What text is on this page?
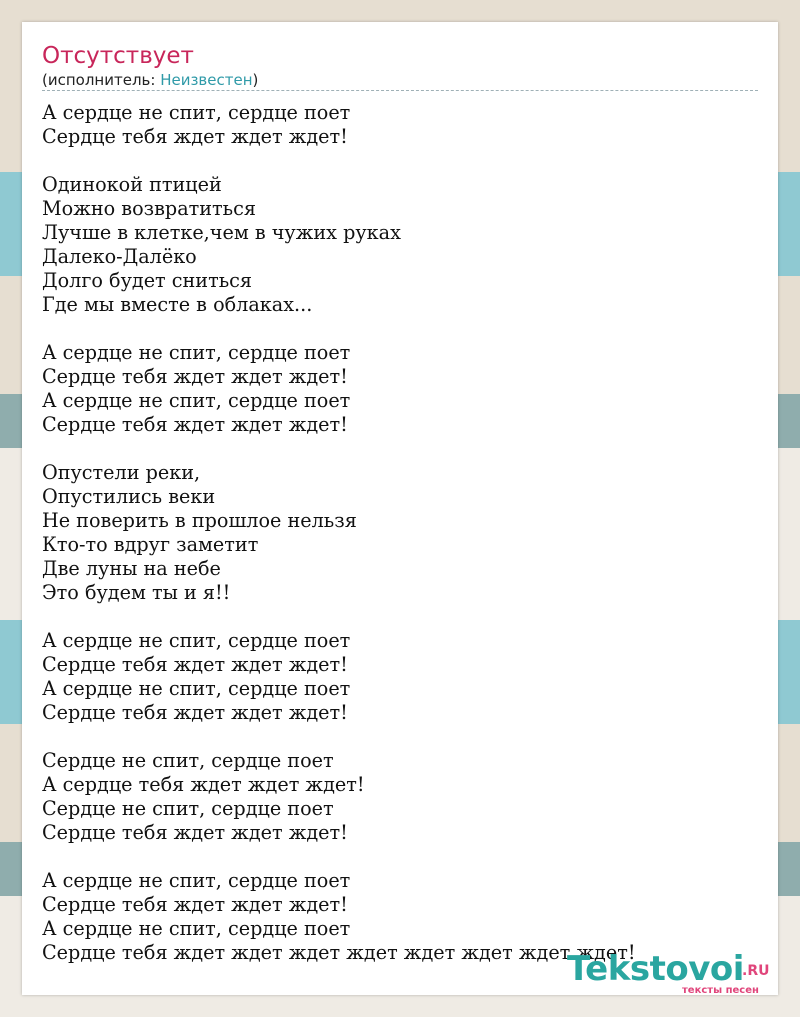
Отсутствует
(исполнитель: Неизвестен)
А сердце не спит, сердце поет
Сердце тебя ждет ждет ждет!
Одинокой птицей
Можно возвратиться
Лучше в клетке,чем в чужих руках
Далеко-Далёко
Долго будет сниться
Где мы вместе в облаках...
А сердце не спит, сердце поет
Сердце тебя ждет ждет ждет!
А сердце не спит, сердце поет
Сердце тебя ждет ждет ждет!
Опустели реки,
Опустились веки
Не поверить в прошлое нельзя
Кто-то вдруг заметит
Две луны на небе
Это будем ты и я!!
А сердце не спит, сердце поет
Сердце тебя ждет ждет ждет!
А сердце не спит, сердце поет
Сердце тебя ждет ждет ждет!
Сердце не спит, сердце поет
А сердце тебя ждет ждет ждет!
Сердце не спит, сердце поет
Сердце тебя ждет ждет ждет!
А сердце не спит, сердце поет
Сердце тебя ждет ждет ждет!
А сердце не спит, сердце поет
Сердце тебя ждет ждет ждет ждет ждет ждет ждет ждет!
Tekstovoi
.RU
тексты песен
